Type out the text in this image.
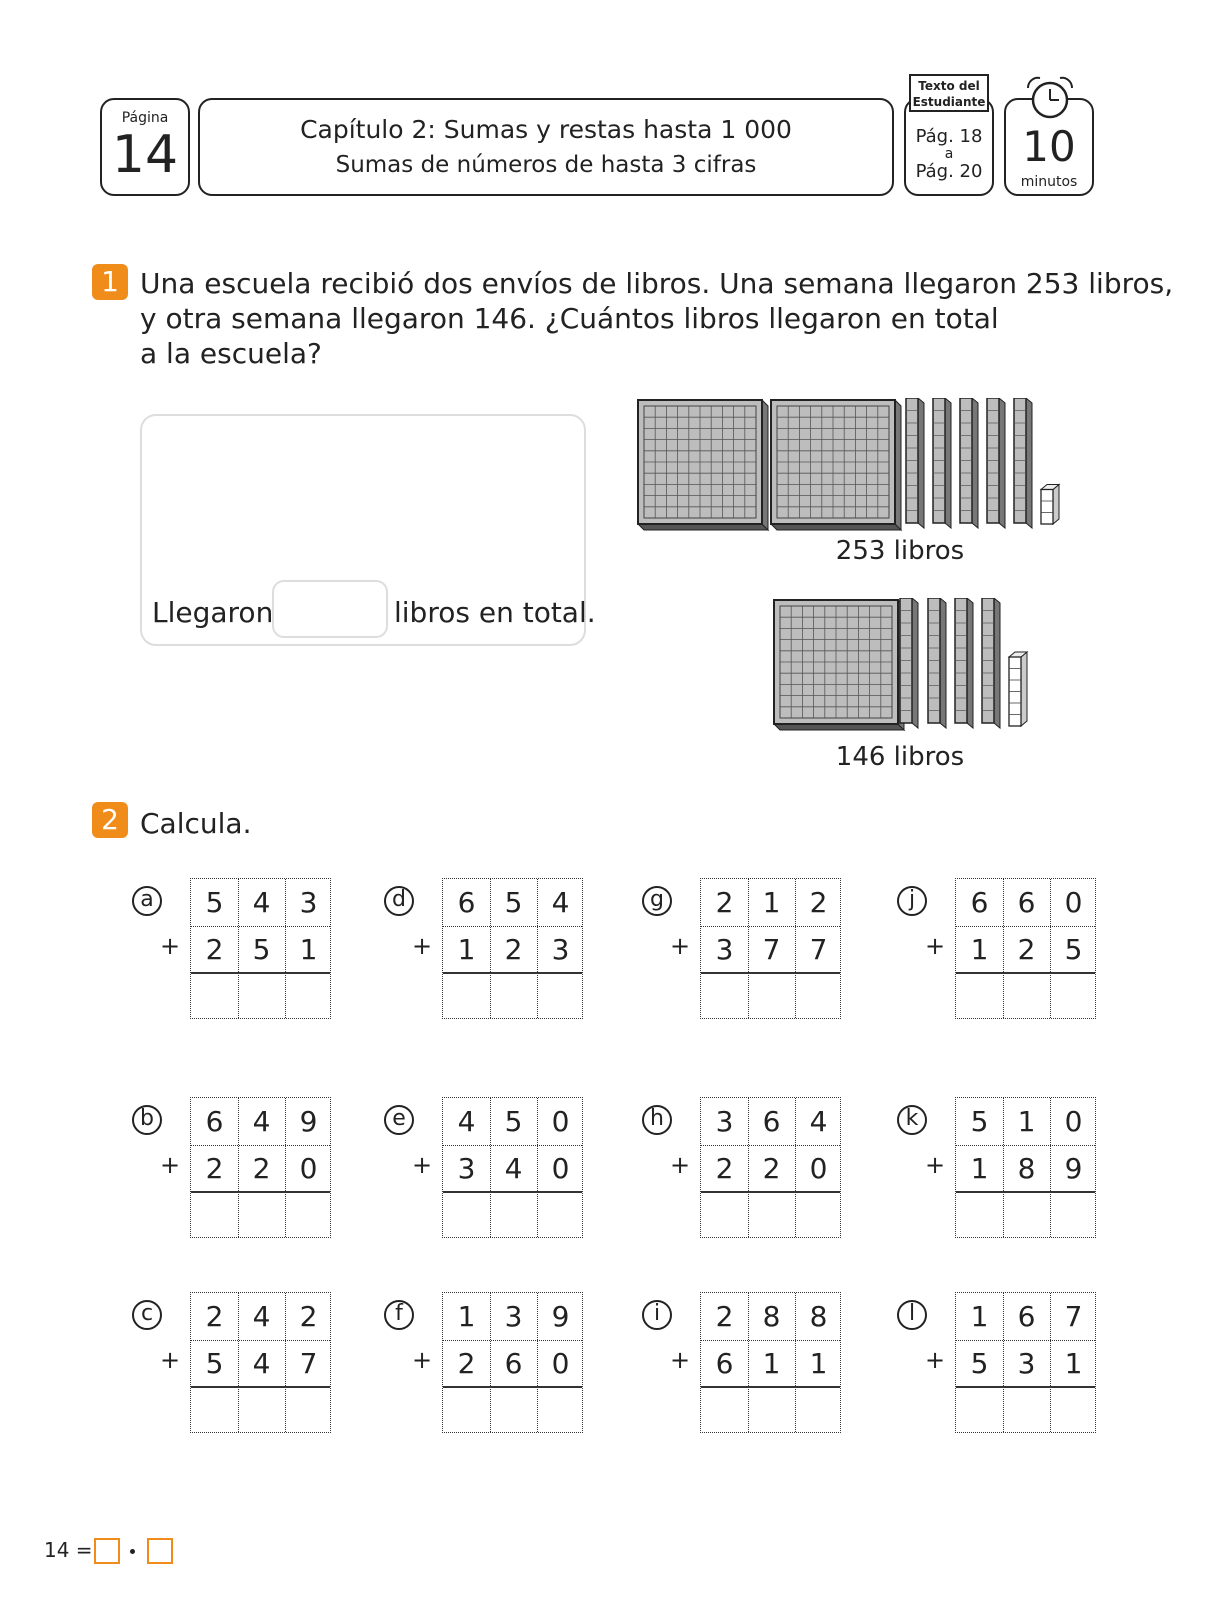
Página
14	Capítulo 2: Sumas y restas hasta 1 000
Sumas de números de hasta 3 cifras
Pág. 18
a
Pág. 20
Texto del Estudiante
10
minutos
1 Una escuela recibió dos envíos de libros. Una semana llegaron 253 libros,
y otra semana llegaron 146. ¿Cuántos libros llegaron en total
a la escuela?
Llegaron	libros en total.
253 libros
146 libros
2 Calcula.
a
+
5	4	3
2	5	1
b
+
6	4	9
2	2	0
c
+
2	4	2
5	4	7
d
+
6	5	4
1	2	3
e
+
4	5	0
3	4	0
f
+
1	3	9
2	6	0
g
+
2	1	2
3	7	7
h
+
3	6	4
2	2	0
i
+
2	8	8
6	1	1
j
+
6	6	0
1	2	5
k
+
5	1	0
1	8	9
l
+
1	6	7
5	3	1
14 =
